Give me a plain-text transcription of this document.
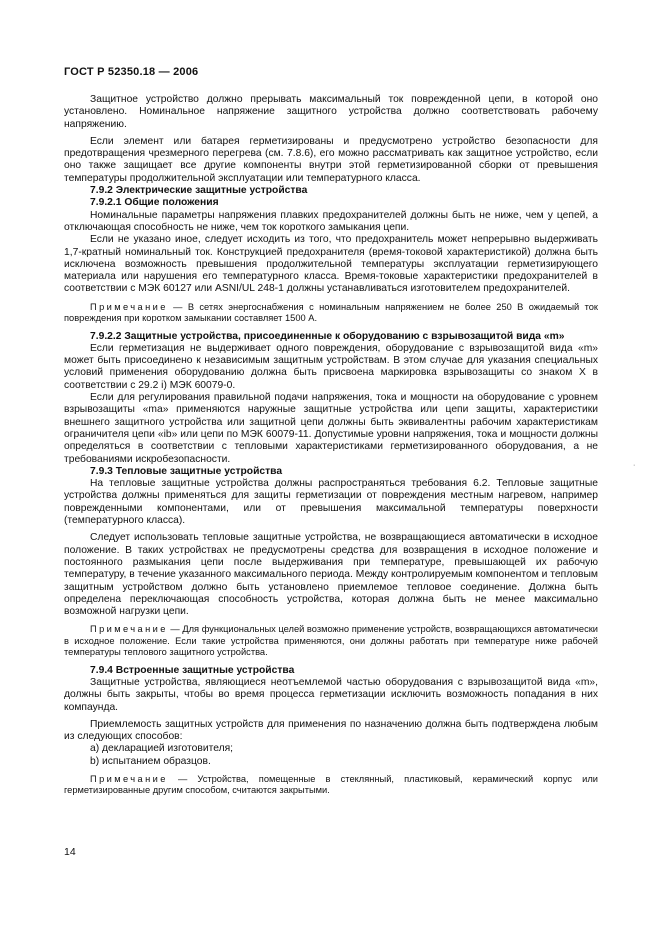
ГОСТ Р 52350.18 — 2006

Защитное устройство должно прерывать максимальный ток поврежденной цепи, в которой оно установлено. Номинальное напряжение защитного устройства должно соответствовать рабочему напряжению.

Если элемент или батарея герметизированы и предусмотрено устройство безопасности для предотвращения чрезмерного перегрева (см. 7.8.6), его можно рассматривать как защитное устройство, если оно также защищает все другие компоненты внутри этой герметизированной сборки от превышения температуры продолжительной эксплуатации или температурного класса.

7.9.2 Электрические защитные устройства

7.9.2.1 Общие положения

Номинальные параметры напряжения плавких предохранителей должны быть не ниже, чем у цепей, а отключающая способность не ниже, чем ток короткого замыкания цепи.

Если не указано иное, следует исходить из того, что предохранитель может непрерывно выдерживать 1,7-кратный номинальный ток. Конструкцией предохранителя (время-токовой характеристикой) должна быть исключена возможность превышения продолжительной температуры эксплуатации герметизирующего материала или нарушения его температурного класса. Время-токовые характеристики предохранителей в соответствии с МЭК 60127 или ASNI/UL 248-1 должны устанавливаться изготовителем предохранителей.

Примечание — В сетях энергоснабжения с номинальным напряжением не более 250 В ожидаемый ток повреждения при коротком замыкании составляет 1500 А.

7.9.2.2 Защитные устройства, присоединенные к оборудованию с взрывозащитой вида «m»

Если герметизация не выдерживает одного повреждения, оборудование с взрывозащитой вида «m» может быть присоединено к независимым защитным устройствам. В этом случае для указания специальных условий применения оборудованию должна быть присвоена маркировка взрывозащиты со знаком Х в соответствии с 29.2 i) МЭК 60079-0.

Если для регулирования правильной подачи напряжения, тока и мощности на оборудование с уровнем взрывозащиты «ma» применяются наружные защитные устройства или цепи защиты, характеристики внешнего защитного устройства или защитной цепи должны быть эквивалентны рабочим характеристикам ограничителя цепи «ib» или цепи по МЭК 60079-11. Допустимые уровни напряжения, тока и мощности должны определяться в соответствии с тепловыми характеристиками герметизированного оборудования, а не требованиями искробезопасности.

7.9.3 Тепловые защитные устройства

На тепловые защитные устройства должны распространяться требования 6.2. Тепловые защитные устройства должны применяться для защиты герметизации от повреждения местным нагревом, например поврежденными компонентами, или от превышения максимальной температуры поверхности (температурного класса).

Следует использовать тепловые защитные устройства, не возвращающиеся автоматически в исходное положение. В таких устройствах не предусмотрены средства для возвращения в исходное положение и постоянного размыкания цепи после выдерживания при температуре, превышающей их рабочую температуру, в течение указанного максимального периода. Между контролируемым компонентом и тепловым защитным устройством должно быть установлено приемлемое тепловое соединение. Должна быть определена переключающая способность устройства, которая должна быть не менее максимально возможной нагрузки цепи.

Примечание — Для функциональных целей возможно применение устройств, возвращающихся автоматически в исходное положение. Если такие устройства применяются, они должны работать при температуре ниже рабочей температуры теплового защитного устройства.

7.9.4 Встроенные защитные устройства

Защитные устройства, являющиеся неотъемлемой частью оборудования с взрывозащитой вида «m», должны быть закрыты, чтобы во время процесса герметизации исключить возможность попадания в них компаунда.

Приемлемость защитных устройств для применения по назначению должна быть подтверждена любым из следующих способов:

a) декларацией изготовителя;

b) испытанием образцов.

Примечание — Устройства, помещенные в стеклянный, пластиковый, керамический корпус или герметизированные другим способом, считаются закрытыми.

·
14
